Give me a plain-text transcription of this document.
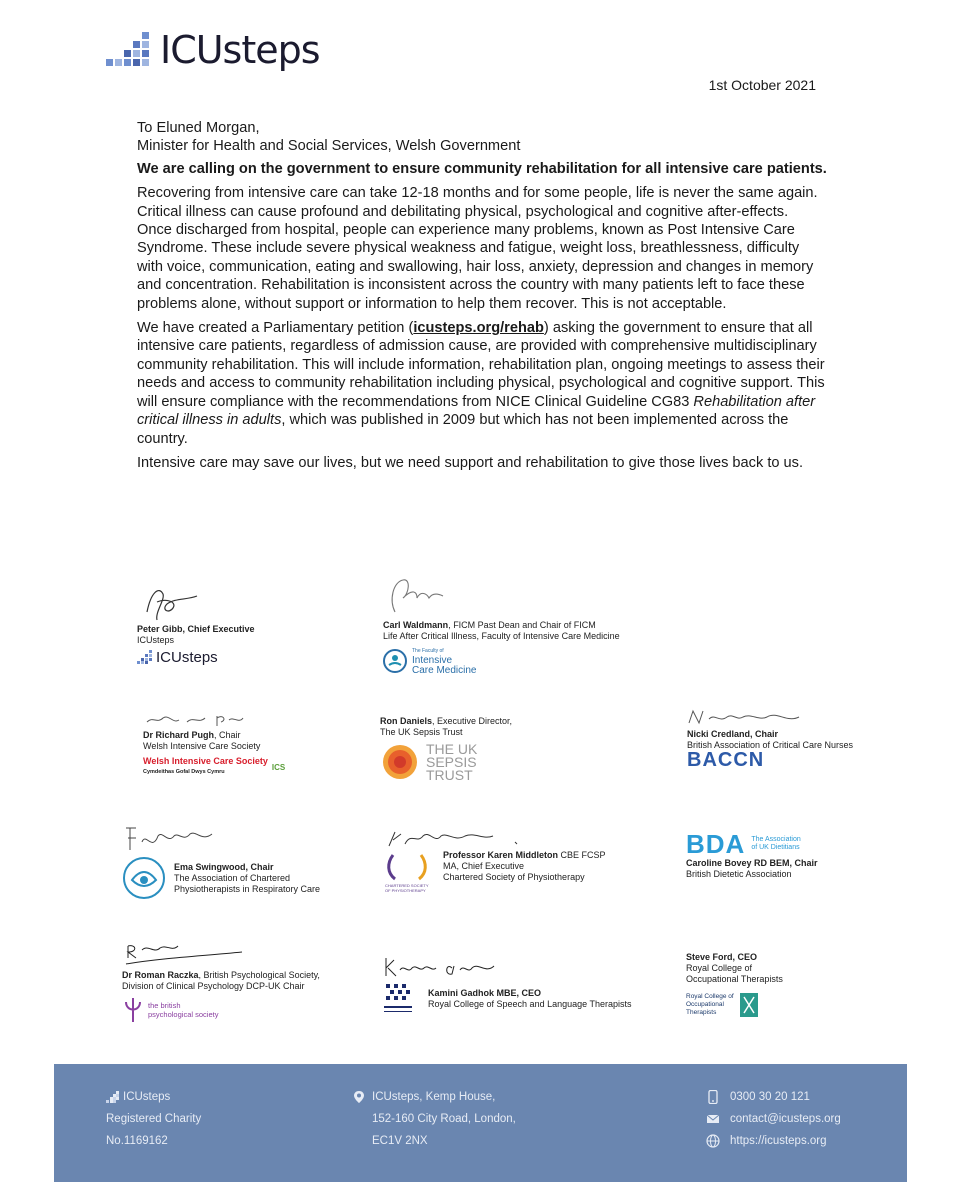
ICUsteps
1st October 2021
To Eluned Morgan,
Minister for Health and Social Services, Welsh Government

We are calling on the government to ensure community rehabilitation for all intensive care patients.

Recovering from intensive care can take 12-18 months and for some people, life is never the same again. Critical illness can cause profound and debilitating physical, psychological and cognitive after-effects. Once discharged from hospital, people can experience many problems, known as Post Intensive Care Syndrome. These include severe physical weakness and fatigue, weight loss, breathlessness, difficulty with voice, communication, eating and swallowing, hair loss, anxiety, depression and changes in memory and concentration. Rehabilitation is inconsistent across the country with many patients left to face these problems alone, without support or information to help them recover. This is not acceptable.

We have created a Parliamentary petition (icusteps.org/rehab) asking the government to ensure that all intensive care patients, regardless of admission cause, are provided with comprehensive multidisciplinary community rehabilitation. This will include information, rehabilitation plan, ongoing meetings to assess their needs and access to community rehabilitation including physical, psychological and cognitive support. This will ensure compliance with the recommendations from NICE Clinical Guideline CG83 Rehabilitation after critical illness in adults, which was published in 2009 but which has not been implemented across the country.

Intensive care may save our lives, but we need support and rehabilitation to give those lives back to us.

Peter Gibb, Chief Executive
ICUsteps
ICUsteps
Carl Waldmann, FICM Past Dean and Chair of FICM
Life After Critical Illness, Faculty of Intensive Care Medicine
The Faculty of
Intensive
Care Medicine
Dr Richard Pugh, Chair
Welsh Intensive Care Society
Welsh Intensive Care Society
Cymdeithas Gofal Dwys Cymru
ICS
Ron Daniels, Executive Director,
The UK Sepsis Trust
THE UK
SEPSIS
TRUST
Nicki Credland, Chair
British Association of Critical Care Nurses
BACCN
Ema Swingwood, Chair
The Association of Chartered
Physiotherapists in Respiratory Care
Professor Karen Middleton CBE FCSP
MA, Chief Executive
Chartered Society of Physiotherapy
CHARTERED SOCIETY OF PHYSIOTHERAPY
BDA The Association
of UK Dietitians
Caroline Bovey RD BEM, Chair
British Dietetic Association
Dr Roman Raczka, British Psychological Society,
Division of Clinical Psychology DCP-UK Chair
the british
psychological society
Kamini Gadhok MBE, CEO
Royal College of Speech and Language Therapists
Steve Ford, CEO
Royal College of
Occupational Therapists
Royal College of
Occupational
Therapists
ICUsteps
Registered Charity
No.1169162
ICUsteps, Kemp House,
152-160 City Road, London,
EC1V 2NX
0300 30 20 121
contact@icusteps.org
https://icusteps.org
